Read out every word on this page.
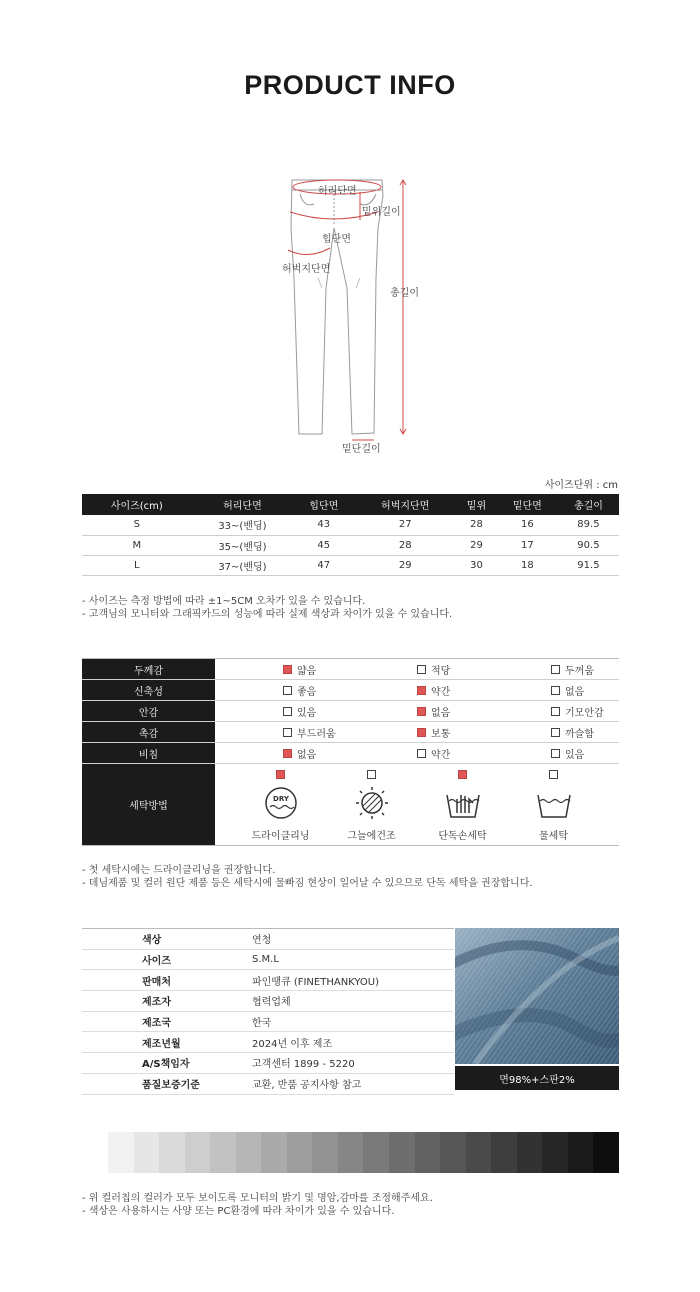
PRODUCT INFO
허리단면
밑위길이
힙단면
허벅지단면
총길이
밑단길이
사이즈단위 : cm
사이즈(cm)	허리단면	힙단면	허벅지단면	밑위	밑단면	총길이
S	33~(밴딩)	43	27	28	16	89.5
M	35~(밴딩)	45	28	29	17	90.5
L	37~(밴딩)	47	29	30	18	91.5
- 사이즈는 측정 방법에 따라 ±1~5CM 오차가 있을 수 있습니다.
- 고객님의 모니터와 그래픽카드의 성능에 따라 실제 색상과 차이가 있을 수 있습니다.
두께감	얇음	적당	두꺼움
신축성	좋음	약간	없음
안감	있음	없음	기모안감
촉감	부드러움	보통	까슬함
비침	없음	약간	있음
세탁방법
DRY
드라이클리닝	그늘에건조	단독손세탁	물세탁
- 첫 세탁시에는 드라이클리닝을 권장합니다.
- 데님제품 및 컬러 원단 제품 등은 세탁시에 물빠짐 현상이 일어날 수 있으므로 단독 세탁을 권장합니다.
색상	연청
사이즈	S.M.L
판매처	파인땡큐 (FINETHANKYOU)
제조자	협력업체
제조국	한국
제조년월	2024년 이후 제조
A/S책임자	고객센터 1899 - 5220
품질보증기준	교환, 반품 공지사항 참고
면98%+스판2%
- 위 컬러칩의 컬러가 모두 보이도록 모니터의 밝기 및 명암,감마를 조정해주세요.
- 색상은 사용하시는 사양 또는 PC환경에 따라 차이가 있을 수 있습니다.
